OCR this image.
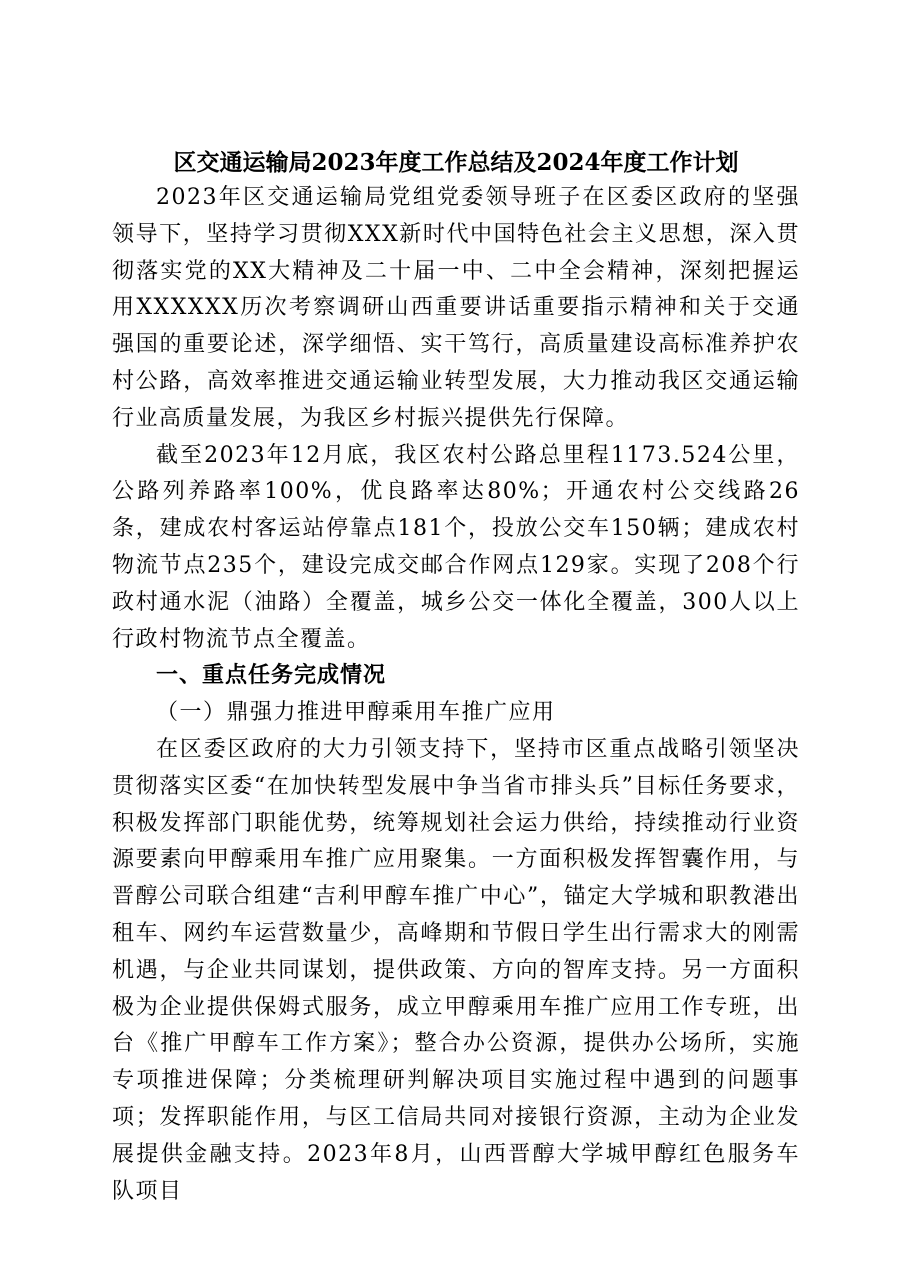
区交通运输局2023年度工作总结及2024年度工作计划

2023年区交通运输局党组党委领导班子在区委区政府的坚强领导下，坚持学习贯彻XXX新时代中国特色社会主义思想，深入贯彻落实党的XX大精神及二十届一中、二中全会精神，深刻把握运用XXXXXX历次考察调研山西重要讲话重要指示精神和关于交通强国的重要论述，深学细悟、实干笃行，高质量建设高标准养护农村公路，高效率推进交通运输业转型发展，大力推动我区交通运输行业高质量发展，为我区乡村振兴提供先行保障。

截至2023年12月底，我区农村公路总里程1173.524公里，公路列养路率100%，优良路率达80%；开通农村公交线路26条，建成农村客运站停靠点181个，投放公交车150辆；建成农村物流节点235个，建设完成交邮合作网点129家。实现了208个行政村通水泥（油路）全覆盖，城乡公交一体化全覆盖，300人以上行政村物流节点全覆盖。

一、重点任务完成情况

（一）鼎强力推进甲醇乘用车推广应用

在区委区政府的大力引领支持下，坚持市区重点战略引领坚决贯彻落实区委“在加快转型发展中争当省市排头兵”目标任务要求，积极发挥部门职能优势，统筹规划社会运力供给，持续推动行业资源要素向甲醇乘用车推广应用聚集。一方面积极发挥智囊作用，与晋醇公司联合组建“吉利甲醇车推广中心”，锚定大学城和职教港出租车、网约车运营数量少，高峰期和节假日学生出行需求大的刚需机遇，与企业共同谋划，提供政策、方向的智库支持。另一方面积极为企业提供保姆式服务，成立甲醇乘用车推广应用工作专班，出台《推广甲醇车工作方案》；整合办公资源，提供办公场所，实施专项推进保障；分类梳理研判解决项目实施过程中遇到的问题事项；发挥职能作用，与区工信局共同对接银行资源，主动为企业发展提供金融支持。2023年8月，山西晋醇大学城甲醇红色服务车队项目
